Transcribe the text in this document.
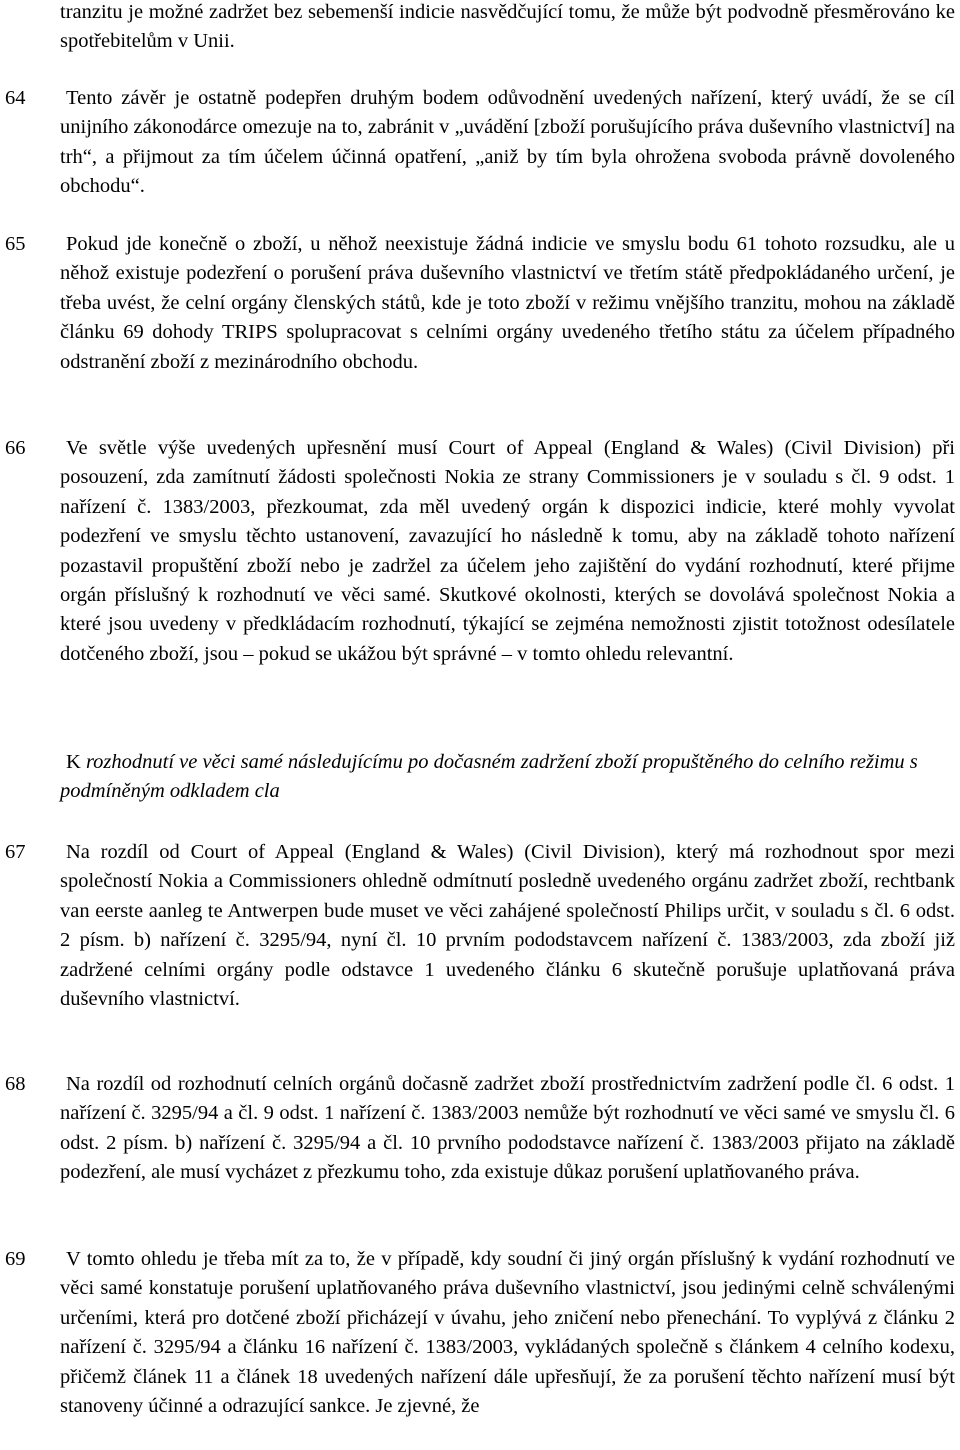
tranzitu je možné zadržet bez sebemenší indicie nasvědčující tomu, že může být podvodně přesměrováno ke spotřebitelům v Unii.

64	Tento závěr je ostatně podepřen druhým bodem odůvodnění uvedených nařízení, který uvádí, že se cíl unijního zákonodárce omezuje na to, zabránit v „uvádění [zboží porušujícího práva duševního vlastnictví] na trh“, a přijmout za tím účelem účinná opatření, „aniž by tím byla ohrožena svoboda právně dovoleného obchodu“.

65	Pokud jde konečně o zboží, u něhož neexistuje žádná indicie ve smyslu bodu 61 tohoto rozsudku, ale u něhož existuje podezření o porušení práva duševního vlastnictví ve třetím státě předpokládaného určení, je třeba uvést, že celní orgány členských států, kde je toto zboží v režimu vnějšího tranzitu, mohou na základě článku 69 dohody TRIPS spolupracovat s celními orgány uvedeného třetího státu za účelem případného odstranění zboží z mezinárodního obchodu.

66	Ve světle výše uvedených upřesnění musí Court of Appeal (England & Wales) (Civil Division) při posouzení, zda zamítnutí žádosti společnosti Nokia ze strany Commissioners je v souladu s čl. 9 odst. 1 nařízení č. 1383/2003, přezkoumat, zda měl uvedený orgán k dispozici indicie, které mohly vyvolat podezření ve smyslu těchto ustanovení, zavazující ho následně k tomu, aby na základě tohoto nařízení pozastavil propuštění zboží nebo je zadržel za účelem jeho zajištění do vydání rozhodnutí, které přijme orgán příslušný k rozhodnutí ve věci samé. Skutkové okolnosti, kterých se dovolává společnost Nokia a které jsou uvedeny v předkládacím rozhodnutí, týkající se zejména nemožnosti zjistit totožnost odesílatele dotčeného zboží, jsou – pokud se ukážou být správné – v tomto ohledu relevantní.

K rozhodnutí ve věci samé následujícímu po dočasném zadržení zboží propuštěného do celního režimu s podmíněným odkladem cla

67	Na rozdíl od Court of Appeal (England & Wales) (Civil Division), který má rozhodnout spor mezi společností Nokia a Commissioners ohledně odmítnutí posledně uvedeného orgánu zadržet zboží, rechtbank van eerste aanleg te Antwerpen bude muset ve věci zahájené společností Philips určit, v souladu s čl. 6 odst. 2 písm. b) nařízení č. 3295/94, nyní čl. 10 prvním pododstavcem nařízení č. 1383/2003, zda zboží již zadržené celními orgány podle odstavce 1 uvedeného článku 6 skutečně porušuje uplatňovaná práva duševního vlastnictví.

68	Na rozdíl od rozhodnutí celních orgánů dočasně zadržet zboží prostřednictvím zadržení podle čl. 6 odst. 1 nařízení č. 3295/94 a čl. 9 odst. 1 nařízení č. 1383/2003 nemůže být rozhodnutí ve věci samé ve smyslu čl. 6 odst. 2 písm. b) nařízení č. 3295/94 a čl. 10 prvního pododstavce nařízení č. 1383/2003 přijato na základě podezření, ale musí vycházet z přezkumu toho, zda existuje důkaz porušení uplatňovaného práva.

69	V tomto ohledu je třeba mít za to, že v případě, kdy soudní či jiný orgán příslušný k vydání rozhodnutí ve věci samé konstatuje porušení uplatňovaného práva duševního vlastnictví, jsou jedinými celně schválenými určeními, která pro dotčené zboží přicházejí v úvahu, jeho zničení nebo přenechání. To vyplývá z článku 2 nařízení č. 3295/94 a článku 16 nařízení č. 1383/2003, vykládaných společně s článkem 4 celního kodexu, přičemž článek 11 a článek 18 uvedených nařízení dále upřesňují, že za porušení těchto nařízení musí být stanoveny účinné a odrazující sankce. Je zjevné, že
